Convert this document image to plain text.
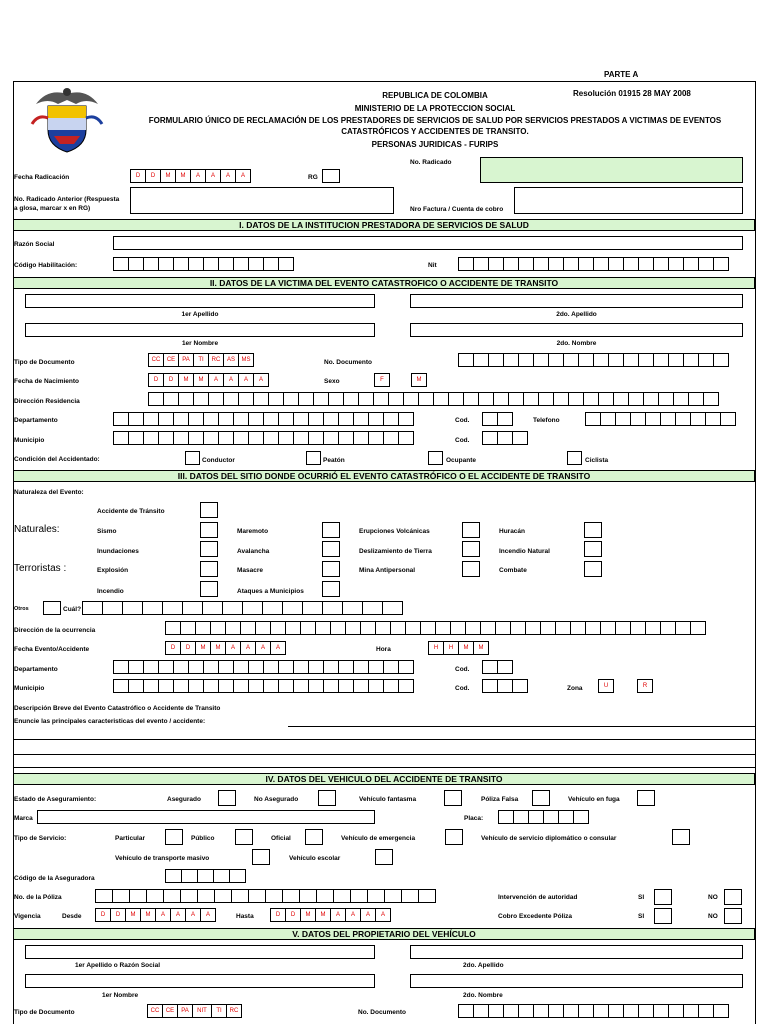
PARTE A
REPUBLICA DE COLOMBIA	Resolución 01915 28 MAY 2008
MINISTERIO DE LA PROTECCION SOCIAL
FORMULARIO ÚNICO DE RECLAMACIÓN DE LOS PRESTADORES DE SERVICIOS DE SALUD POR SERVICIOS PRESTADOS A VICTIMAS DE EVENTOS
CATASTRÓFICOS Y ACCIDENTES DE TRANSITO.
PERSONAS JURIDICAS - FURIPS
No. Radicado
Fecha Radicación	D	D	M	M	A	A	A	A	RG
No. Radicado Anterior (Respuesta
a glosa, marcar x en RG)	Nro Factura / Cuenta de cobro
I. DATOS DE LA INSTITUCION PRESTADORA DE SERVICIOS DE SALUD
Razón Social
Código Habilitación:	Nit
II. DATOS DE LA VICTIMA DEL EVENTO CATASTROFICO O ACCIDENTE DE TRANSITO
1er Apellido	2do. Apellido
1er Nombre	2do. Nombre
Tipo de Documento	CC	CE	PA	TI	RC	AS	MS	No. Documento
Fecha de Nacimiento	D	D	M	M	A	A	A	A	Sexo	F	M
Dirección Residencia
Departamento	Cod.	Telefono
Municipio	Cod.
Condición del Accidentado:	Conductor	Peatón	Ocupante	Ciclista
III. DATOS DEL SITIO DONDE OCURRIÓ EL EVENTO CATASTRÓFICO O EL ACCIDENTE DE TRANSITO
Naturaleza del Evento:
Accidente de Tránsito
Naturales:	Sismo	Maremoto	Erupciones Volcánicas	Huracán
Inundaciones	Avalancha	Deslizamiento de Tierra	Incendio Natural
Terroristas :	Explosión	Masacre	Mina Antipersonal	Combate
Incendio	Ataques a Municipios
Otros	Cuál?
Dirección de la ocurrencia
Fecha Evento/Accidente	D	D	M	M	A	A	A	A	Hora	H	H	M	M
Departamento	Cod.
Municipio	Cod.	Zona	U	R
Descripción Breve del Evento Catastrófico o Accidente de Transito
Enuncie las principales caracteristicas del evento / accidente:
IV. DATOS DEL VEHICULO DEL ACCIDENTE DE TRANSITO
Estado de Aseguramiento:	Asegurado	No Asegurado	Vehículo fantasma	Póliza Falsa	Vehículo en fuga
Marca	Placa:
Tipo de Servicio:	Particular	Público	Oficial	Vehículo de emergencia	Vehículo de servicio diplomático o consular
Vehículo de transporte masivo	Vehículo escolar
Código de la Aseguradora
No. de la Póliza	Intervención de autoridad	SI	NO
Vigencia	Desde	D	D	M	M	A	A	A	A	Hasta	D	D	M	M	A	A	A	A	Cobro Excedente Póliza	SI	NO
V. DATOS DEL PROPIETARIO DEL VEHÍCULO
1er Apellido o Razón Social	2do. Apellido
1er Nombre	2do. Nombre
Tipo de Documento	CC	CE	PA	NIT	TI	RC	No. Documento
